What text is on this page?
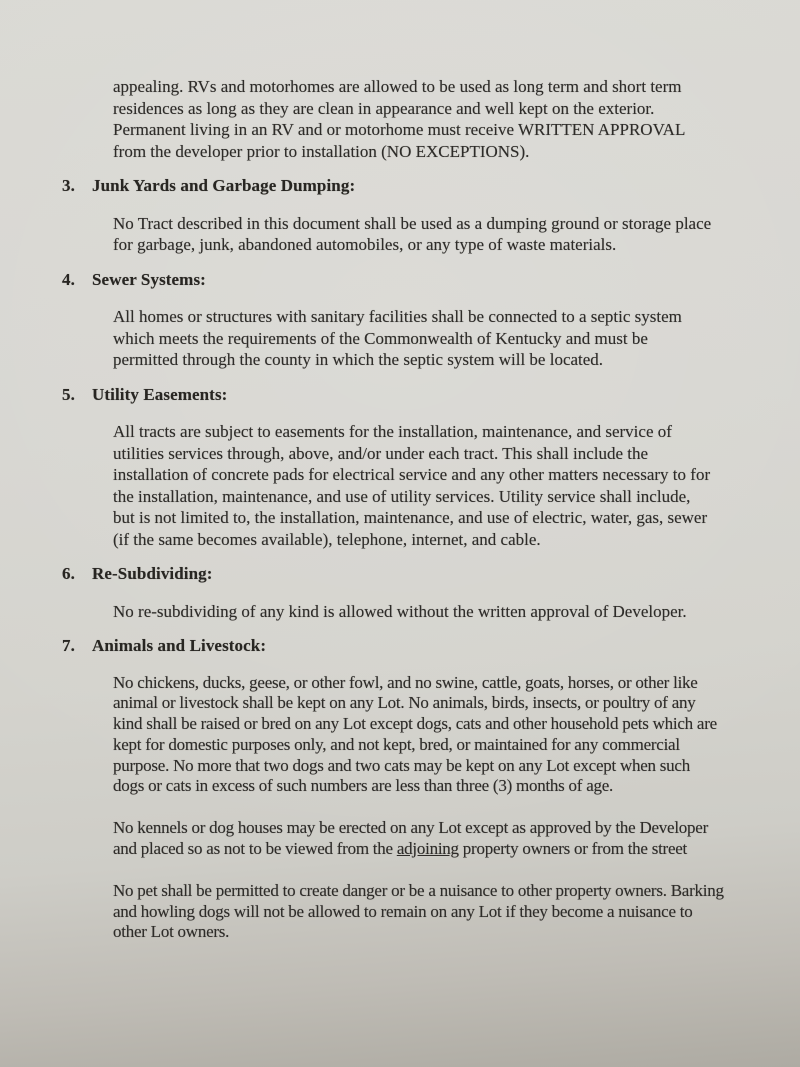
appealing. RVs and motorhomes are allowed to be used as long term and short term residences as long as they are clean in appearance and well kept on the exterior. Permanent living in an RV and or motorhome must receive WRITTEN APPROVAL from the developer prior to installation (NO EXCEPTIONS).

3.	Junk Yards and Garbage Dumping:

No Tract described in this document shall be used as a dumping ground or storage place for garbage, junk, abandoned automobiles, or any type of waste materials.

4.	Sewer Systems:

All homes or structures with sanitary facilities shall be connected to a septic system which meets the requirements of the Commonwealth of Kentucky and must be permitted through the county in which the septic system will be located.

5.	Utility Easements:

All tracts are subject to easements for the installation, maintenance, and service of utilities services through, above, and/or under each tract. This shall include the installation of concrete pads for electrical service and any other matters necessary to for the installation, maintenance, and use of utility services. Utility service shall include, but is not limited to, the installation, maintenance, and use of electric, water, gas, sewer (if the same becomes available), telephone, internet, and cable.

6.	Re-Subdividing:

No re-subdividing of any kind is allowed without the written approval of Developer.

7.	Animals and Livestock:

No chickens, ducks, geese, or other fowl, and no swine, cattle, goats, horses, or other like animal or livestock shall be kept on any Lot. No animals, birds, insects, or poultry of any kind shall be raised or bred on any Lot except dogs, cats and other household pets which are kept for domestic purposes only, and not kept, bred, or maintained for any commercial purpose. No more that two dogs and two cats may be kept on any Lot except when such dogs or cats in excess of such numbers are less than three (3) months of age.

No kennels or dog houses may be erected on any Lot except as approved by the Developer and placed so as not to be viewed from the adjoining property owners or from the street

No pet shall be permitted to create danger or be a nuisance to other property owners. Barking and howling dogs will not be allowed to remain on any Lot if they become a nuisance to other Lot owners.
